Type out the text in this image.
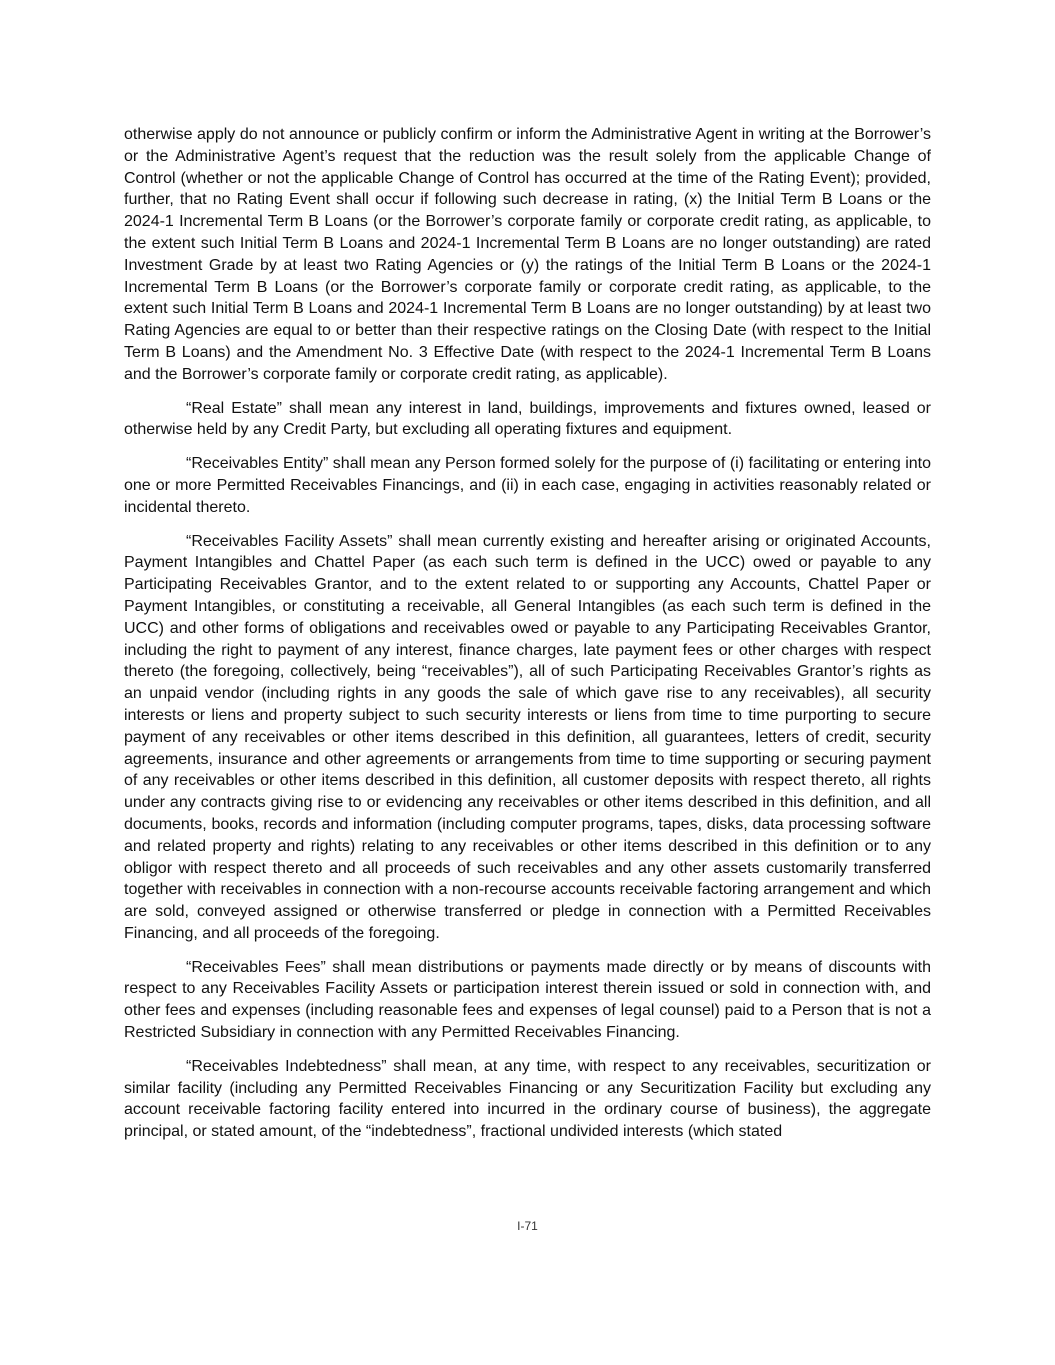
otherwise apply do not announce or publicly confirm or inform the Administrative Agent in writing at the Borrower’s or the Administrative Agent’s request that the reduction was the result solely from the applicable Change of Control (whether or not the applicable Change of Control has occurred at the time of the Rating Event); provided, further, that no Rating Event shall occur if following such decrease in rating, (x) the Initial Term B Loans or the 2024-1 Incremental Term B Loans (or the Borrower’s corporate family or corporate credit rating, as applicable, to the extent such Initial Term B Loans and 2024-1 Incremental Term B Loans are no longer outstanding) are rated Investment Grade by at least two Rating Agencies or (y) the ratings of the Initial Term B Loans or the 2024-1 Incremental Term B Loans (or the Borrower’s corporate family or corporate credit rating, as applicable, to the extent such Initial Term B Loans and 2024-1 Incremental Term B Loans are no longer outstanding) by at least two Rating Agencies are equal to or better than their respective ratings on the Closing Date (with respect to the Initial Term B Loans) and the Amendment No. 3 Effective Date (with respect to the 2024-1 Incremental Term B Loans and the Borrower’s corporate family or corporate credit rating, as applicable).

“Real Estate” shall mean any interest in land, buildings, improvements and fixtures owned, leased or otherwise held by any Credit Party, but excluding all operating fixtures and equipment.

“Receivables Entity” shall mean any Person formed solely for the purpose of (i) facilitating or entering into one or more Permitted Receivables Financings, and (ii) in each case, engaging in activities reasonably related or incidental thereto.

“Receivables Facility Assets” shall mean currently existing and hereafter arising or originated Accounts, Payment Intangibles and Chattel Paper (as each such term is defined in the UCC) owed or payable to any Participating Receivables Grantor, and to the extent related to or supporting any Accounts, Chattel Paper or Payment Intangibles, or constituting a receivable, all General Intangibles (as each such term is defined in the UCC) and other forms of obligations and receivables owed or payable to any Participating Receivables Grantor, including the right to payment of any interest, finance charges, late payment fees or other charges with respect thereto (the foregoing, collectively, being “receivables”), all of such Participating Receivables Grantor’s rights as an unpaid vendor (including rights in any goods the sale of which gave rise to any receivables), all security interests or liens and property subject to such security interests or liens from time to time purporting to secure payment of any receivables or other items described in this definition, all guarantees, letters of credit, security agreements, insurance and other agreements or arrangements from time to time supporting or securing payment of any receivables or other items described in this definition, all customer deposits with respect thereto, all rights under any contracts giving rise to or evidencing any receivables or other items described in this definition, and all documents, books, records and information (including computer programs, tapes, disks, data processing software and related property and rights) relating to any receivables or other items described in this definition or to any obligor with respect thereto and all proceeds of such receivables and any other assets customarily transferred together with receivables in connection with a non-recourse accounts receivable factoring arrangement and which are sold, conveyed assigned or otherwise transferred or pledge in connection with a Permitted Receivables Financing, and all proceeds of the foregoing.

“Receivables Fees” shall mean distributions or payments made directly or by means of discounts with respect to any Receivables Facility Assets or participation interest therein issued or sold in connection with, and other fees and expenses (including reasonable fees and expenses of legal counsel) paid to a Person that is not a Restricted Subsidiary in connection with any Permitted Receivables Financing.

“Receivables Indebtedness” shall mean, at any time, with respect to any receivables, securitization or similar facility (including any Permitted Receivables Financing or any Securitization Facility but excluding any account receivable factoring facility entered into incurred in the ordinary course of business), the aggregate principal, or stated amount, of the “indebtedness”, fractional undivided interests (which stated

I-71
